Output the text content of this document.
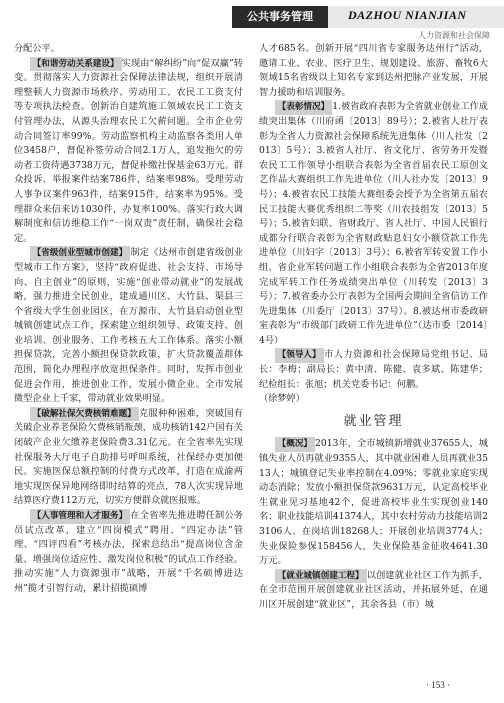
公共事务管理	DAZHOU NIANJIAN
人力资源和社会保障

分配公平。

【和谐劳动关系建设】 实现由“解纠纷”向“促双赢”转变。贯彻落实人力资源社会保障法律法规，组织开展清理整顿人力资源市场秩序、劳动用工、农民工工资支付等专项执法检查。创新治自建筑施工领域农民工工资支付管理办法，从源头治理农民工欠薪问题。全市企业劳动合同签订率99%。劳动监察机构主动监察各类用人单位3458户，督促补签劳动合同2.1万人，追发拖欠的劳动者工资待遇3738万元，督促补缴社保基金63万元。群众投诉、举报案件结案786件，结案率98%。受理劳动人事争议案件963件，结案915件，结案率为95%。受理群众来信来访1030件，办复率100%。落实行政大调解制度和信访维稳工作“一岗双责”责任制，确保社会稳定。

【省级创业型城市创建】 制定《达州市创建省级创业型城市工作方案》，坚持“政府促进、社会支持、市场导向、自主创业”的原则，实施“创业带动就业”的发展战略，强力推进全民创业，建成通川区、大竹县、渠县三个省级大学生创业园区，在万源市、大竹县启动创业型城镇创建试点工作，探索建立组织领导、政策支持、创业培训、创业服务、工作考核五大工作体系。落实小额担保贷款，完善小额担保贷款政策，扩大贷款覆盖群体范围，简化办理程序放宽担保条件。同时，发挥市创业促进会作用，推进创业工作，发展小微企业。全市发展微型企业上千家，带动就业效果明显。

【破解社保欠费核销难题】 克服种种困难，突破国有关破企业养老保险欠费核销瓶颈，成功核销142户国有关闭破产企业欠缴养老保险费3.31亿元。在全省率先实现社保服务大厅电子自助排号呼叫系统，社保经办更加便民。实施医保总额控制的付费方式改革，打造在成渝两地实现医保异地网络即时结算的亮点，78人次实现异地结算医疗费112万元，切实方便群众就医报账。

【人事管理和人才服务】 在全省率先推进聘任制公务员试点改革，建立“四岗模式”聘用、“四定办法”管理、“四评四看”考核办法，探索总结出“提高岗位含金量、增强岗位适应性、激发岗位积极”的试点工作经验。推动实施“人力资源强市”战略，开展“千名硕博进达州”揽才引智行动，累计招揽硕博

人才685名。创新开展“四川省专家服务达州行”活动，邀请工业、农业、医疗卫生、规划建设、旅游、畜牧6大领域15名省级以上知名专家到达州把脉产业发展，开展智力援助和培训服务。

【表彰情况】 1.被省政府表彰为全省就业创业工作成绩突出集体（川府函〔2013〕89号）；2.被省人社厅表彰为全省人力资源社会保障系统先进集体（川人社发〔2013〕5号）；3.被省人社厅、省文化厅、省劳务开发暨农民工工作领导小组联合表彰为全省首届农民工原创文艺作品大赛组织工作先进单位（川人社办发〔2013〕9号）；4.被省农民工技能大赛组委会授予为全省第五届农民工技能大赛优秀组织二等奖（川农技组发〔2013〕5号）；5.被省妇联、省财政厅、省人社厅、中国人民银行成都分行联合表彰为全省财政贴息妇女小额贷款工作先进单位（川妇字〔2013〕3号）；6.被省军转安置工作小组、省企业军转问题工作小组联合表彰为全省2013年度完成军转工作任务成绩突出单位（川转发〔2013〕3号）；7.被省委办公厅表彰为全国两会期间全省信访工作先进集体（川委厅〔2013〕37号）。8.被达州市委政研室表彰为“市级部门政研工作先进单位”（达市委〔2014〕4号）

【领导人】 市人力资源和社会保障局党组书记、局长：李梅；副局长：黄中清、陈健、袁多斌、陈建华；纪检组长：张旭；机关党委书记：何鹏。

（徐梦婷）

就业管理

【概况】 2013年，全市城镇新增就业37655人，城镇失业人员再就业9355人，其中就业困难人员再就业3513人；城镇登记失业率控制在4.09%；零就业家庭实现动态消除；发放小额担保贷款9631万元，认定高校毕业生就业见习基地42个，促进高校毕业生实现创业140名；职业技能培训41374人，其中农村劳动力技能培训23106人、在岗培训18268人；开展创业培训3774人；失业保险参保158456人，失业保险基金征收4641.30万元。

【就业城镇创建工程】 以创建就业社区工作为抓手，在全市范围开展创建就业社区活动，并拓展外延，在通川区开展创建“就业区”，其余各县（市）城

· 153 ·
